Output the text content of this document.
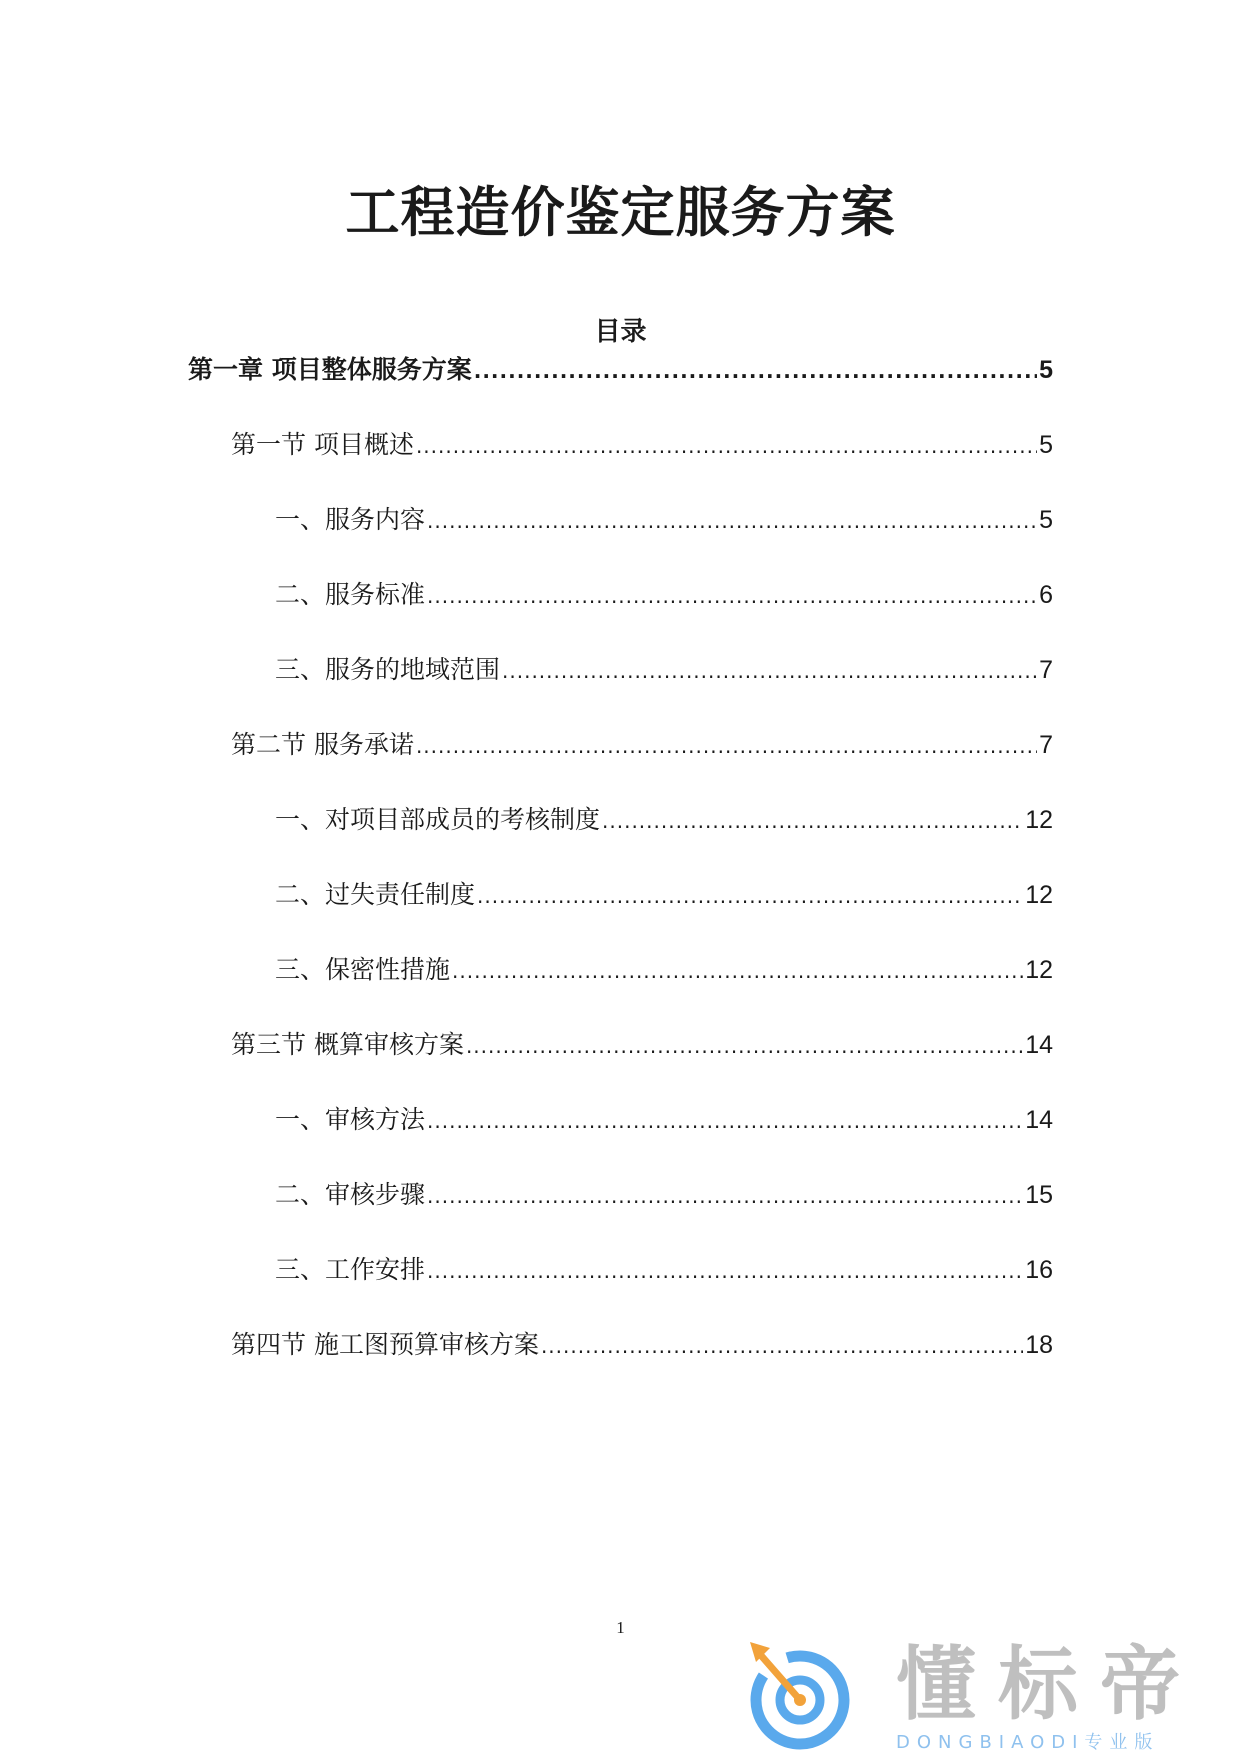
工程造价鉴定服务方案
目录
第一章 项目整体服务方案 .....	5
第一节 项目概述 .....	5
一、服务内容 .....	5
二、服务标准 .....	6
三、服务的地域范围 .....	7
第二节 服务承诺 .....	7
一、对项目部成员的考核制度 .....	12
二、过失责任制度 .....	12
三、保密性措施 .....	12
第三节 概算审核方案 .....	14
一、审核方法 .....	14
二、审核步骤 .....	15
三、工作安排 .....	16
第四节 施工图预算审核方案 .....	18
1
懂标帝
DONGBIAODI专业版
